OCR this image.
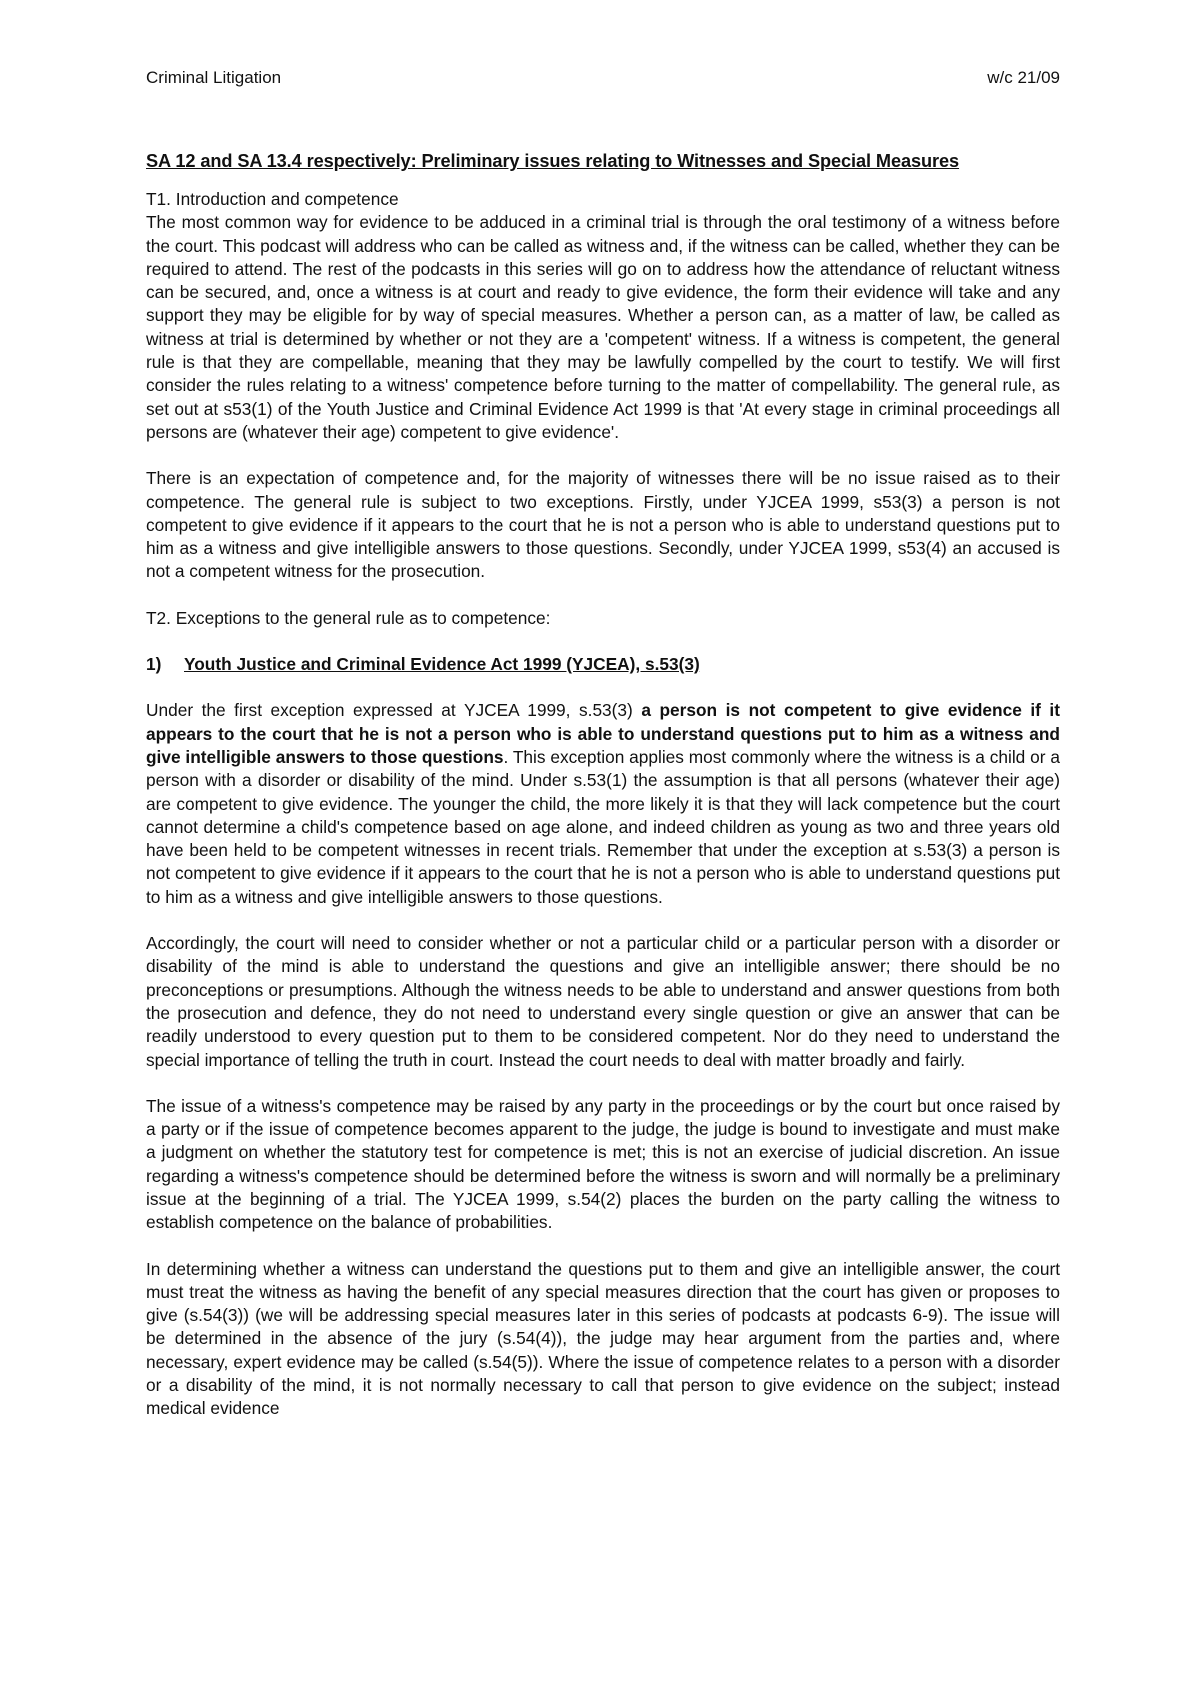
Criminal Litigation	w/c 21/09
SA 12 and SA 13.4 respectively: Preliminary issues relating to Witnesses and Special Measures
T1. Introduction and competence
The most common way for evidence to be adduced in a criminal trial is through the oral testimony of a witness before the court. This podcast will address who can be called as witness and, if the witness can be called, whether they can be required to attend. The rest of the podcasts in this series will go on to address how the attendance of reluctant witness can be secured, and, once a witness is at court and ready to give evidence, the form their evidence will take and any support they may be eligible for by way of special measures. Whether a person can, as a matter of law, be called as witness at trial is determined by whether or not they are a 'competent' witness. If a witness is competent, the general rule is that they are compellable, meaning that they may be lawfully compelled by the court to testify. We will first consider the rules relating to a witness' competence before turning to the matter of compellability. The general rule, as set out at s53(1) of the Youth Justice and Criminal Evidence Act 1999 is that 'At every stage in criminal proceedings all persons are (whatever their age) competent to give evidence'.
There is an expectation of competence and, for the majority of witnesses there will be no issue raised as to their competence. The general rule is subject to two exceptions. Firstly, under YJCEA 1999, s53(3) a person is not competent to give evidence if it appears to the court that he is not a person who is able to understand questions put to him as a witness and give intelligible answers to those questions. Secondly, under YJCEA 1999, s53(4) an accused is not a competent witness for the prosecution.
T2. Exceptions to the general rule as to competence:
1) Youth Justice and Criminal Evidence Act 1999 (YJCEA), s.53(3)
Under the first exception expressed at YJCEA 1999, s.53(3) a person is not competent to give evidence if it appears to the court that he is not a person who is able to understand questions put to him as a witness and give intelligible answers to those questions. This exception applies most commonly where the witness is a child or a person with a disorder or disability of the mind. Under s.53(1) the assumption is that all persons (whatever their age) are competent to give evidence. The younger the child, the more likely it is that they will lack competence but the court cannot determine a child's competence based on age alone, and indeed children as young as two and three years old have been held to be competent witnesses in recent trials. Remember that under the exception at s.53(3) a person is not competent to give evidence if it appears to the court that he is not a person who is able to understand questions put to him as a witness and give intelligible answers to those questions.
Accordingly, the court will need to consider whether or not a particular child or a particular person with a disorder or disability of the mind is able to understand the questions and give an intelligible answer; there should be no preconceptions or presumptions. Although the witness needs to be able to understand and answer questions from both the prosecution and defence, they do not need to understand every single question or give an answer that can be readily understood to every question put to them to be considered competent. Nor do they need to understand the special importance of telling the truth in court. Instead the court needs to deal with matter broadly and fairly.
The issue of a witness's competence may be raised by any party in the proceedings or by the court but once raised by a party or if the issue of competence becomes apparent to the judge, the judge is bound to investigate and must make a judgment on whether the statutory test for competence is met; this is not an exercise of judicial discretion. An issue regarding a witness's competence should be determined before the witness is sworn and will normally be a preliminary issue at the beginning of a trial. The YJCEA 1999, s.54(2) places the burden on the party calling the witness to establish competence on the balance of probabilities.
In determining whether a witness can understand the questions put to them and give an intelligible answer, the court must treat the witness as having the benefit of any special measures direction that the court has given or proposes to give (s.54(3)) (we will be addressing special measures later in this series of podcasts at podcasts 6-9). The issue will be determined in the absence of the jury (s.54(4)), the judge may hear argument from the parties and, where necessary, expert evidence may be called (s.54(5)). Where the issue of competence relates to a person with a disorder or a disability of the mind, it is not normally necessary to call that person to give evidence on the subject; instead medical evidence
